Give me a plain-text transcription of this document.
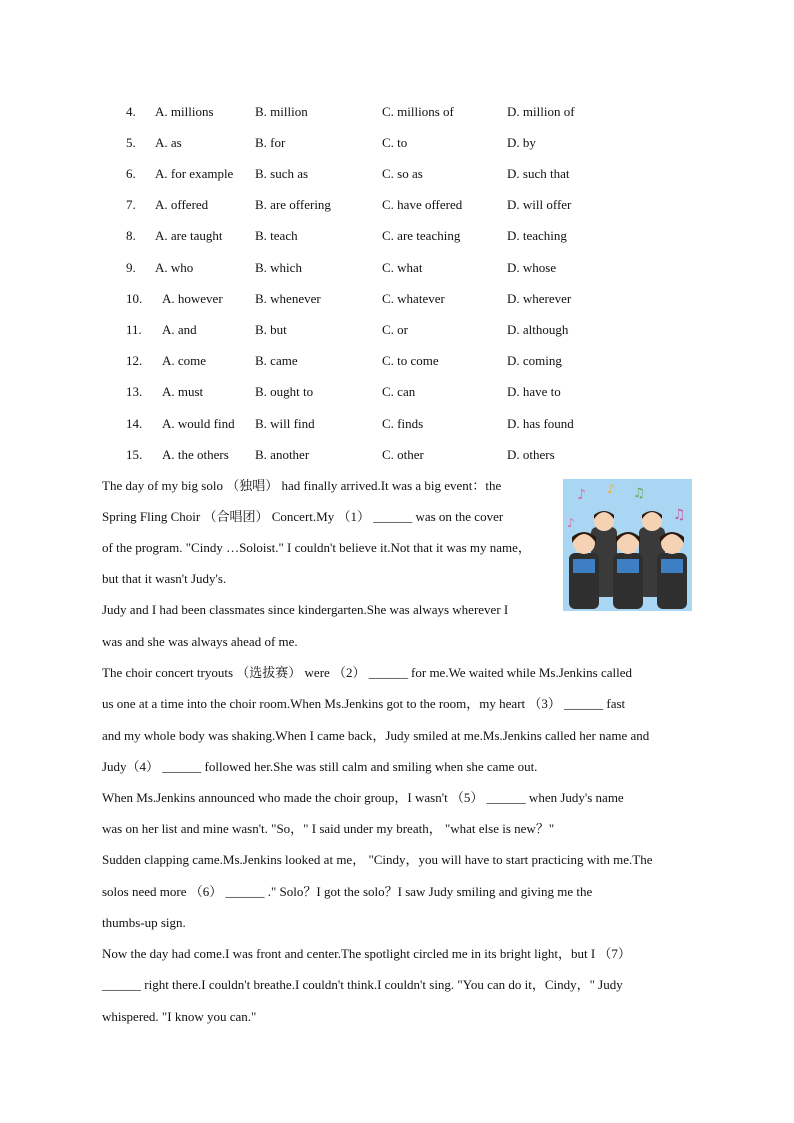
4. A. millions	B. million	C. millions of	D. million of
5. A. as	B. for	C. to	D. by
6. A. for example B. such as	C. so as	D. such that
7. A. offered	B. are offering	C. have offered	D. will offer
8. A. are taught B. teach	C. are teaching	D. teaching
9. A. who	B. which	C. what	D. whose
10. A. however B. whenever	C. whatever	D. wherever
11. A. and	B. but	C. or	D. although
12. A. come	B. came	C. to come	D. coming
13. A. must	B. ought to	C. can	D. have to
14. A. would find B. will find	C. finds	D. has found
15. A. the others B. another	C. other	D. others
The day of my big solo （独唱） had finally arrived.It was a big event：the
Spring Fling Choir （合唱团） Concert.My （1） ______ was on the cover
of the program. "Cindy …Soloist." I couldn't believe it.Not that it was my name，
but that it wasn't Judy's.
Judy and I had been classmates since kindergarten.She was always wherever I
was and she was always ahead of me.
The choir concert tryouts （选拔赛） were （2） ______ for me.We waited while Ms.Jenkins called
us one at a time into the choir room.When Ms.Jenkins got to the room，my heart （3） ______ fast
and my whole body was shaking.When I came back，Judy smiled at me.Ms.Jenkins called her name and
Judy（4） ______ followed her.She was still calm and smiling when she came out.
When Ms.Jenkins announced who made the choir group，I wasn't （5） ______ when Judy's name
was on her list and mine wasn't. "So，" I said under my breath， "what else is new？"
Sudden clapping came.Ms.Jenkins looked at me， "Cindy，you will have to start practicing with me.The
solos need more （6） ______ ." Solo？I got the solo？I saw Judy smiling and giving me the
thumbs-up sign.
Now the day had come.I was front and center.The spotlight circled me in its bright light，but I （7）
______ right there.I couldn't breathe.I couldn't think.I couldn't sing. "You can do it，Cindy，" Judy
whispered. "I know you can."
♪ ♪ ♫
♫
♪
